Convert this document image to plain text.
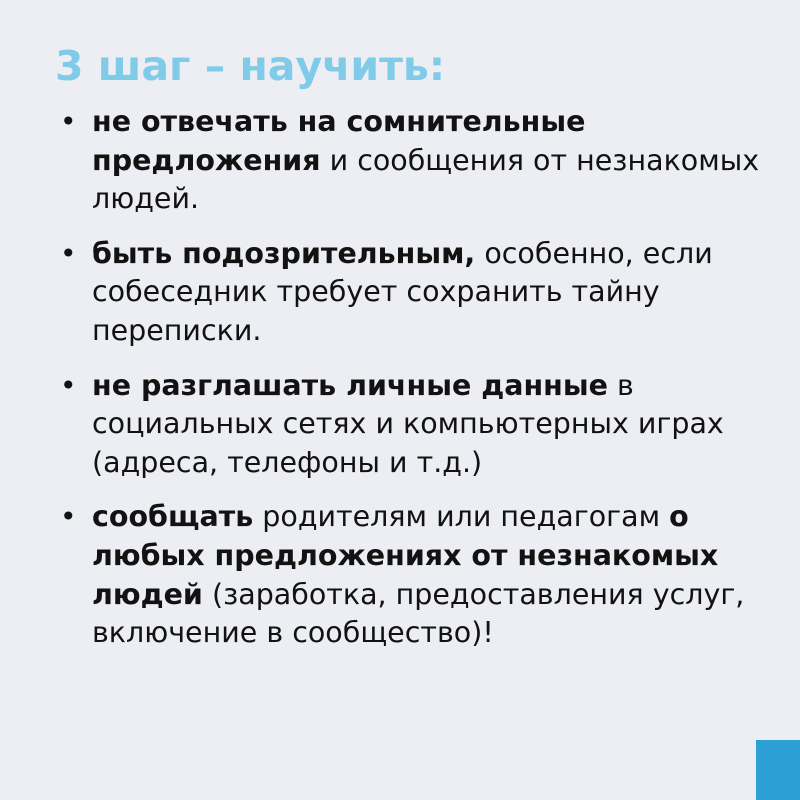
3 шаг – научить:
• не отвечать на сомнительные предложения и сообщения от незнакомых людей.
• быть подозрительным, особенно, если собеседник требует сохранить тайну переписки.
• не разглашать личные данные в социальных сетях и компьютерных играх (адреса, телефоны и т.д.)
• сообщать родителям или педагогам о любых предложениях от незнакомых людей (заработка, предоставления услуг, включение в сообщество)!
